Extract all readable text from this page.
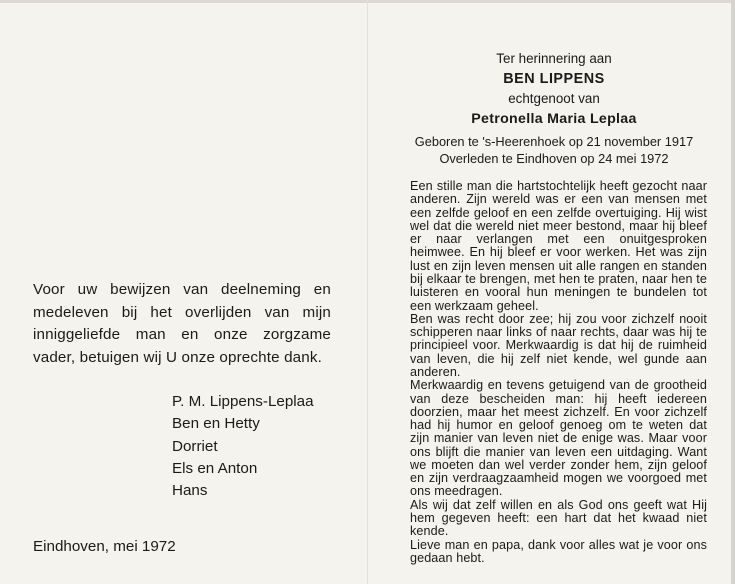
Voor uw bewijzen van deelneming en medeleven bij het overlijden van mijn inniggeliefde man en onze zorgzame vader, betuigen wij U onze oprechte dank.

P. M. Lippens-Leplaa
Ben en Hetty
Dorriet
Els en Anton
Hans

Eindhoven, mei 1972

Ter herinnering aan

BEN LIPPENS

echtgenoot van

Petronella Maria Leplaa

Geboren te 's-Heerenhoek op 21 november 1917
Overleden te Eindhoven op 24 mei 1972
Een stille man die hartstochtelijk heeft gezocht naar anderen. Zijn wereld was er een van mensen met een zelfde geloof en een zelfde overtuiging. Hij wist wel dat die wereld niet meer bestond, maar hij bleef er naar verlangen met een onuitgesproken heimwee. En hij bleef er voor werken. Het was zijn lust en zijn leven mensen uit alle rangen en standen bij elkaar te brengen, met hen te praten, naar hen te luisteren en vooral hun meningen te bundelen tot een werkzaam geheel.
Ben was recht door zee; hij zou voor zichzelf nooit schipperen naar links of naar rechts, daar was hij te principieel voor. Merkwaardig is dat hij de ruimheid van leven, die hij zelf niet kende, wel gunde aan anderen.
Merkwaardig en tevens getuigend van de grootheid van deze bescheiden man: hij heeft iedereen doorzien, maar het meest zichzelf. En voor zichzelf had hij humor en geloof genoeg om te weten dat zijn manier van leven niet de enige was. Maar voor ons blijft die manier van leven een uitdaging. Want we moeten dan wel verder zonder hem, zijn geloof en zijn verdraagzaamheid mogen we voorgoed met ons meedragen.
Als wij dat zelf willen en als God ons geeft wat Hij hem gegeven heeft: een hart dat het kwaad niet kende.
Lieve man en papa, dank voor alles wat je voor ons gedaan hebt.
